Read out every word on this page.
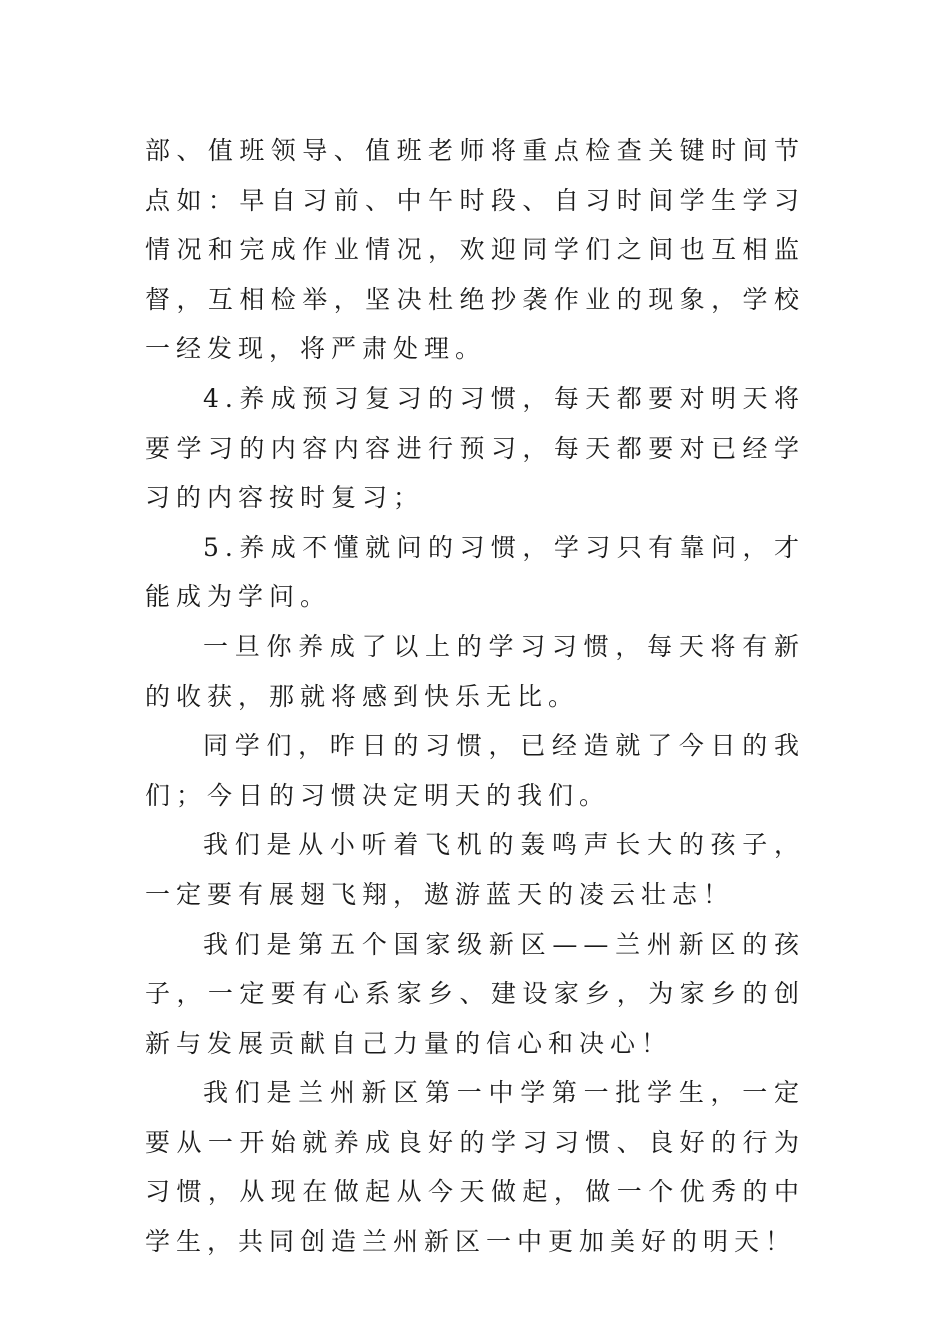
部、值班领导、值班老师将重点检查关键时间节点如：早自习前、中午时段、自习时间学生学习情况和完成作业情况，欢迎同学们之间也互相监督，互相检举，坚决杜绝抄袭作业的现象，学校一经发现，将严肃处理。

4.养成预习复习的习惯，每天都要对明天将要学习的内容内容进行预习，每天都要对已经学习的内容按时复习；

5.养成不懂就问的习惯，学习只有靠问，才能成为学问。

一旦你养成了以上的学习习惯，每天将有新的收获，那就将感到快乐无比。

同学们，昨日的习惯，已经造就了今日的我们；今日的习惯决定明天的我们。

我们是从小听着飞机的轰鸣声长大的孩子，一定要有展翅飞翔，遨游蓝天的凌云壮志！

我们是第五个国家级新区——兰州新区的孩子，一定要有心系家乡、建设家乡，为家乡的创新与发展贡献自己力量的信心和决心！

我们是兰州新区第一中学第一批学生，一定要从一开始就养成良好的学习习惯、良好的行为习惯，从现在做起从今天做起，做一个优秀的中学生，共同创造兰州新区一中更加美好的明天！
